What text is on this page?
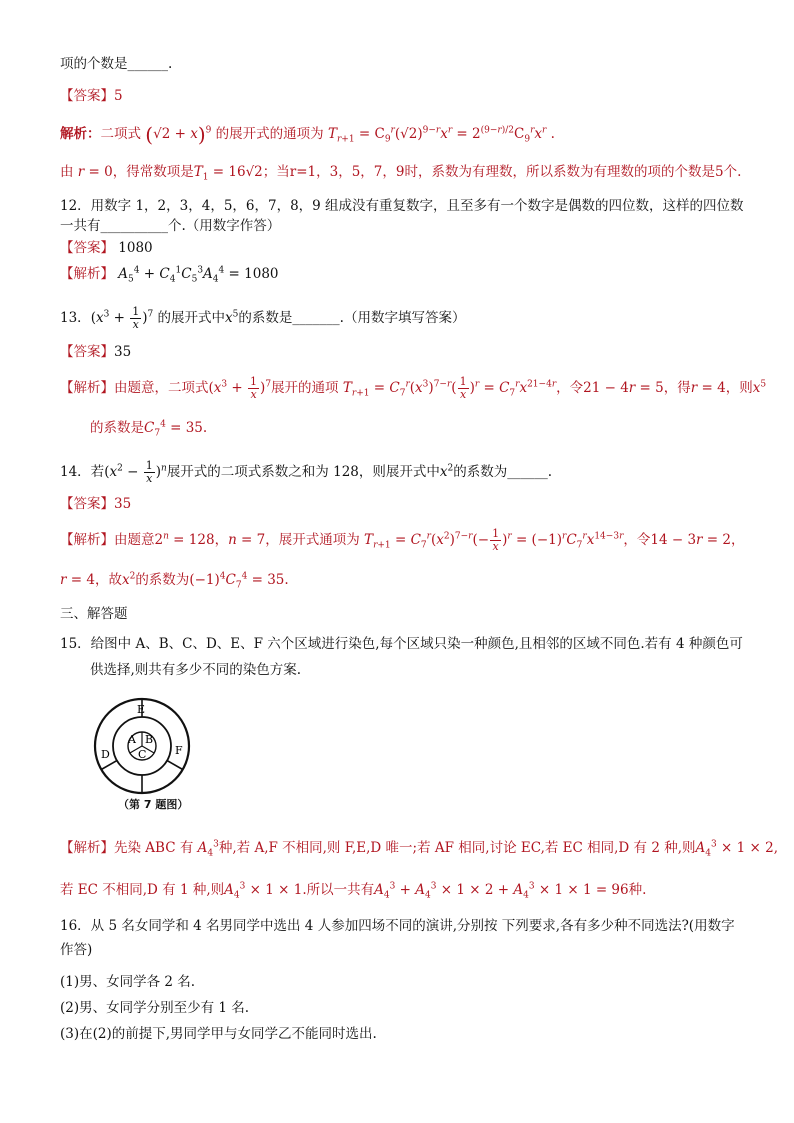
项的个数是______.
【答案】5
解析：二项式 $(√2 + x)^9$ 的展开式的通项为 $T_{r+1} = C_9^r(√2)^{9-r}x^r = 2^{(9-r)/2}C_9^rx^r$ .
由 r = 0，得常数项是$T_1 = 16√2$；当r=1，3，5，7，9时，系数为有理数，所以系数为有理数的项的个数是5个.
12．用数字 1，2，3，4，5，6，7，8，9 组成没有重复数字，且至多有一个数字是偶数的四位数，这样的四位数
一共有__________个.（用数字作答）
【答案】 1080
【解析】 $A_5^4 + C_4^1C_5^3A_4^4 = 1080$
13．$(x^3 + \frac{1}{x} )^7$ 的展开式中$x^5$的系数是_______.（用数字填写答案）
【答案】35
【解析】由题意，二项式$(x^3 + \frac{1}{x} )^7$展开的通项 $T_{r+1} = C_7^r(x^3)^{7-r}( \frac{1}{x} )^r = C_7^rx^{21-4r}$，令21 − 4r = 5，得r = 4，则$x^5$
的系数是$C_7^4 = 35$.
14．若$(x^2 - \frac{1}{x} )^n$展开式的二项式系数之和为 128，则展开式中$x^2$的系数为______.
【答案】35
【解析】由题意$2^n = 128$，n = 7，展开式通项为 $T_{r+1} = C_7^r(x^2)^{7-r}(- \frac{1}{x} )^r = (-1)^rC_7^rx^{14-3r}$，令14 − 3r = 2，
r = 4，故$x^2$的系数为$(-1)^4C_7^4 = 35$.
三、解答题
15．给图中 A、B、C、D、E、F 六个区域进行染色,每个区域只染一种颜色,且相邻的区域不同色.若有 4 种颜色可
供选择,则共有多少不同的染色方案.
E
A B
C
D	F
（第 7 题图）
【解析】先染 ABC 有 $A_4^3$种,若 A,F 不相同,则 F,E,D 唯一;若 AF 相同,讨论 EC,若 EC 相同,D 有 2 种,则$A_4^3 \times 1 \times 2$,
若 EC 不相同,D 有 1 种,则$A_4^3 \times 1 \times 1$.所以一共有$A_4^3 + A_4^3 \times 1 \times 2 + A_4^3 \times 1 \times 1 = 96$种.
16．从 5 名女同学和 4 名男同学中选出 4 人参加四场不同的演讲,分别按 下列要求,各有多少种不同选法?(用数字
作答)
(1)男、女同学各 2 名.
(2)男、女同学分别至少有 1 名.
(3)在(2)的前提下,男同学甲与女同学乙不能同时选出.
